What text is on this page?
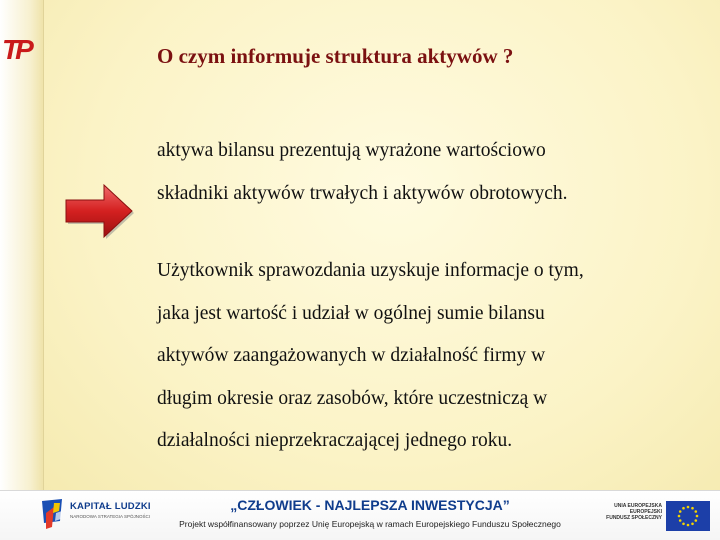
TP	O czym informuje struktura aktywów ?

aktywa bilansu prezentują wyrażone wartościowo

składniki aktywów trwałych i aktywów obrotowych.

Użytkownik sprawozdania uzyskuje informacje o tym,

jaka jest wartość i udział w ogólnej sumie bilansu

aktywów zaangażowanych w działalność firmy w

długim okresie oraz zasobów, które uczestniczą w

działalności nieprzekraczającej jednego roku.

KAPITAŁ LUDZKI
NARODOWA STRATEGIA SPÓJNOŚCI
„CZŁOWIEK - NAJLEPSZA INWESTYCJA”
Projekt współfinansowany poprzez Unię Europejską w ramach Europejskiego Funduszu Społecznego
UNIA EUROPEJSKA
EUROPEJSKI
FUNDUSZ SPOŁECZNY
